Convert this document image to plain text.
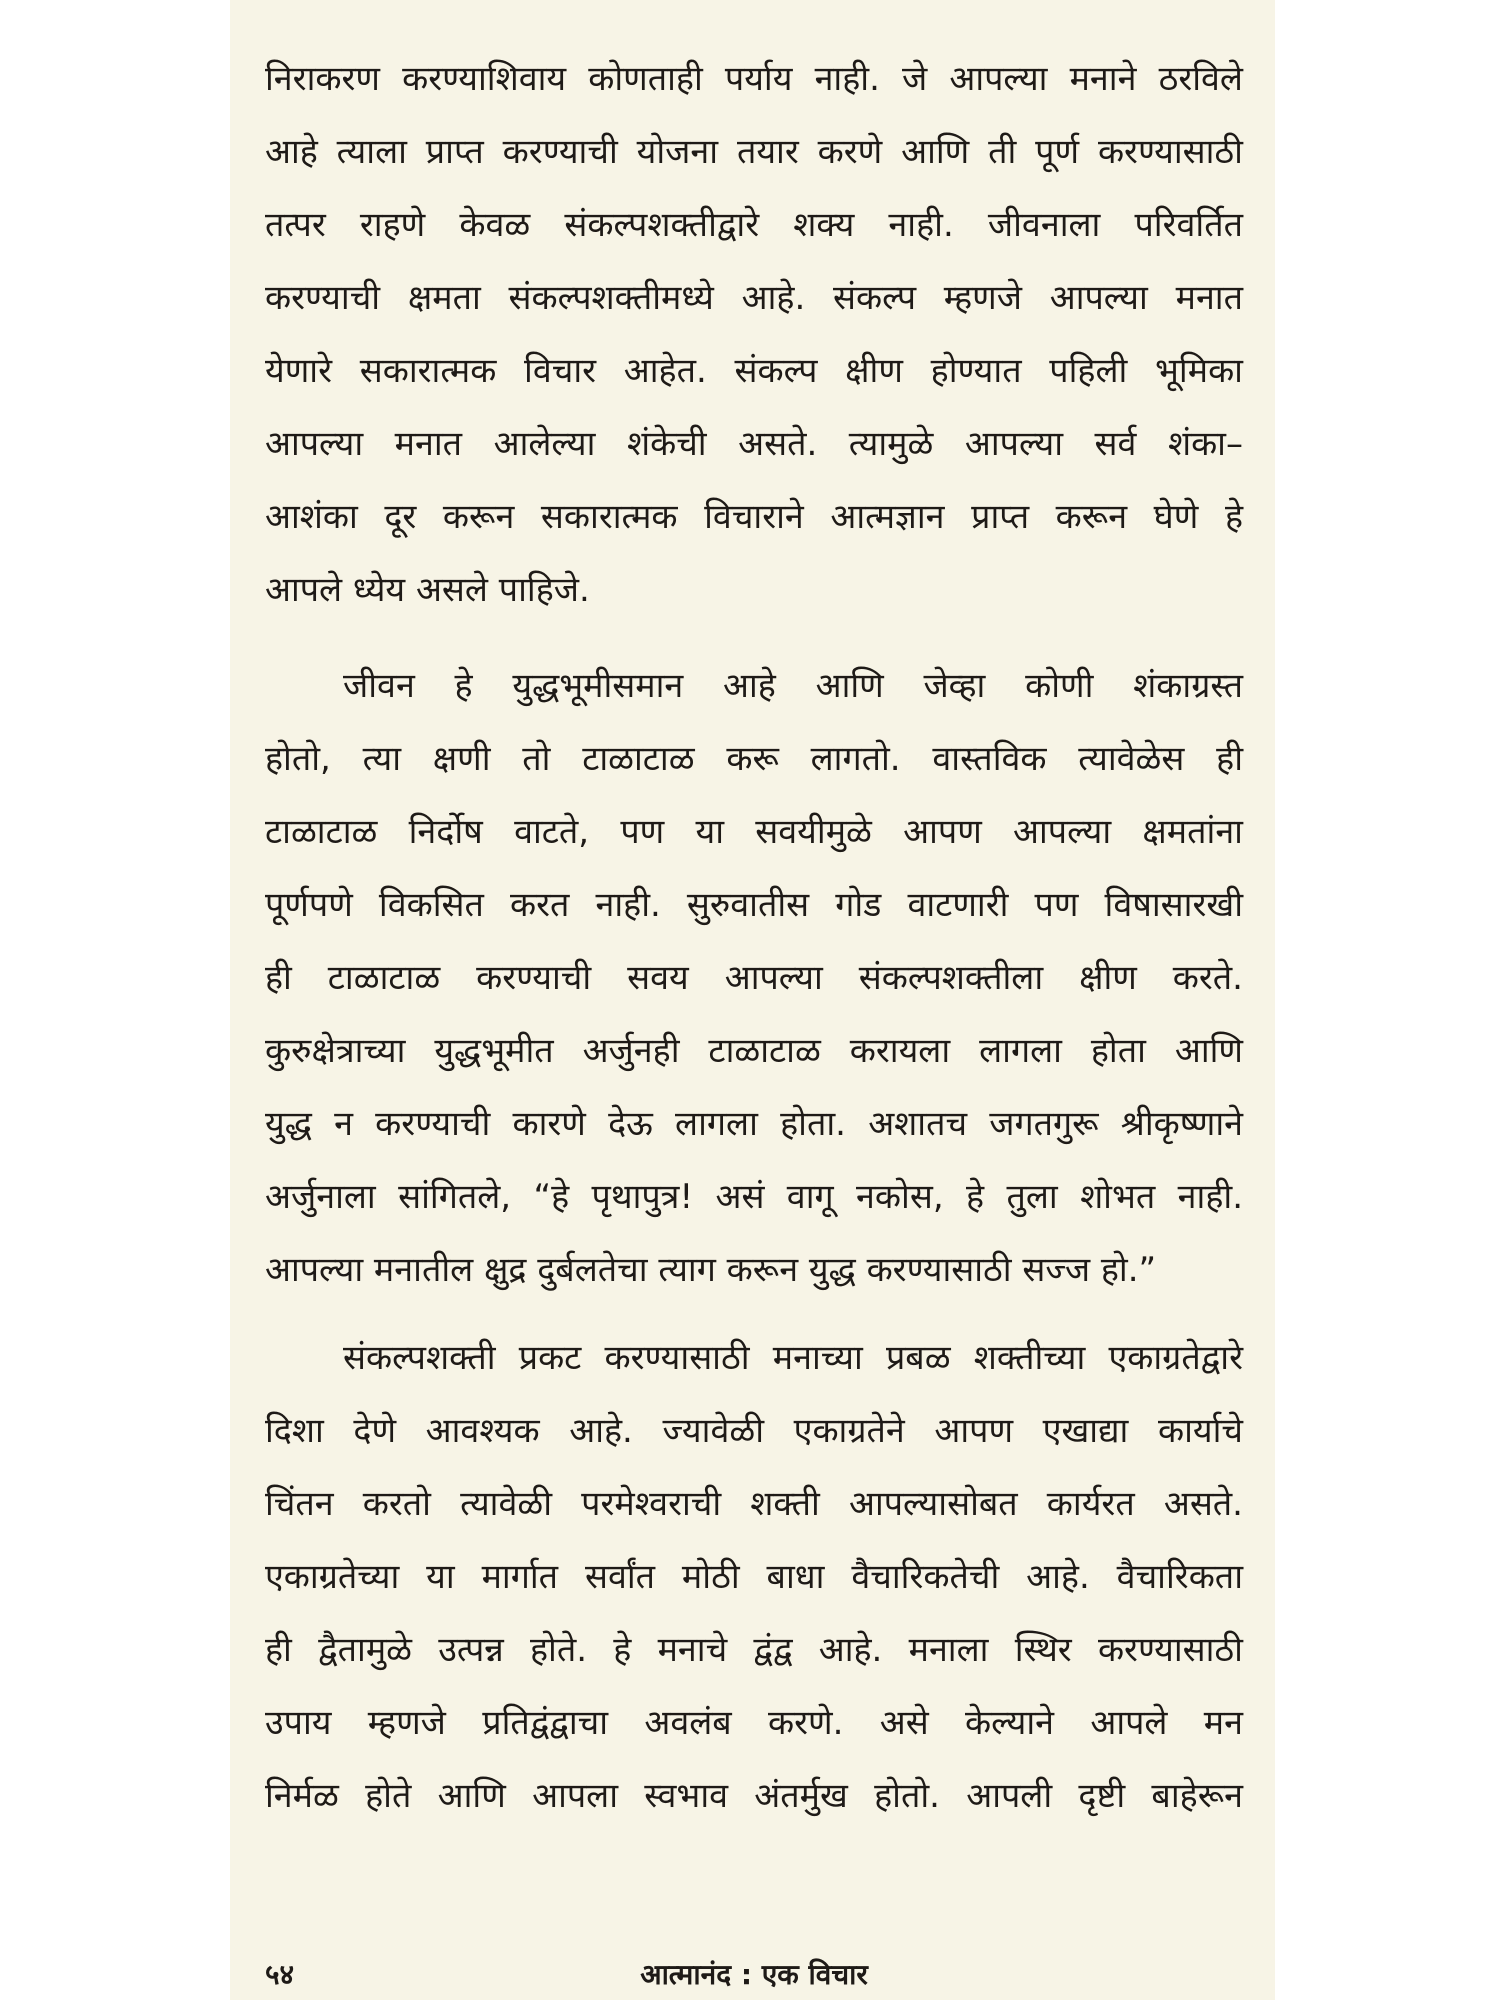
निराकरण करण्याशिवाय कोणताही पर्याय नाही. जे आपल्या मनाने ठरविले
आहे त्याला प्राप्त करण्याची योजना तयार करणे आणि ती पूर्ण करण्यासाठी
तत्पर राहणे केवळ संकल्पशक्तीद्वारे शक्य नाही. जीवनाला परिवर्तित
करण्याची क्षमता संकल्पशक्तीमध्ये आहे. संकल्प म्हणजे आपल्या मनात
येणारे सकारात्मक विचार आहेत. संकल्प क्षीण होण्यात पहिली भूमिका
आपल्या मनात आलेल्या शंकेची असते. त्यामुळे आपल्या सर्व शंका–
आशंका दूर करून सकारात्मक विचाराने आत्मज्ञान प्राप्त करून घेणे हे
आपले ध्येय असले पाहिजे.
जीवन हे युद्धभूमीसमान आहे आणि जेव्हा कोणी शंकाग्रस्त
होतो, त्या क्षणी तो टाळाटाळ करू लागतो. वास्तविक त्यावेळेस ही
टाळाटाळ निर्दोष वाटते, पण या सवयीमुळे आपण आपल्या क्षमतांना
पूर्णपणे विकसित करत नाही. सुरुवातीस गोड वाटणारी पण विषासारखी
ही टाळाटाळ करण्याची सवय आपल्या संकल्पशक्तीला क्षीण करते.
कुरुक्षेत्राच्या युद्धभूमीत अर्जुनही टाळाटाळ करायला लागला होता आणि
युद्ध न करण्याची कारणे देऊ लागला होता. अशातच जगतगुरू श्रीकृष्णाने
अर्जुनाला सांगितले, “हे पृथापुत्र! असं वागू नकोस, हे तुला शोभत नाही.
आपल्या मनातील क्षुद्र दुर्बलतेचा त्याग करून युद्ध करण्यासाठी सज्ज हो.”
संकल्पशक्ती प्रकट करण्यासाठी मनाच्या प्रबळ शक्तीच्या एकाग्रतेद्वारे
दिशा देणे आवश्यक आहे. ज्यावेळी एकाग्रतेने आपण एखाद्या कार्याचे
चिंतन करतो त्यावेळी परमेश्वराची शक्ती आपल्यासोबत कार्यरत असते.
एकाग्रतेच्या या मार्गात सर्वांत मोठी बाधा वैचारिकतेची आहे. वैचारिकता
ही द्वैतामुळे उत्पन्न होते. हे मनाचे द्वंद्व आहे. मनाला स्थिर करण्यासाठी
उपाय म्हणजे प्रतिद्वंद्वाचा अवलंब करणे. असे केल्याने आपले मन
निर्मळ होते आणि आपला स्वभाव अंतर्मुख होतो. आपली दृष्टी बाहेरून
५४	आत्मानंद : एक विचार
